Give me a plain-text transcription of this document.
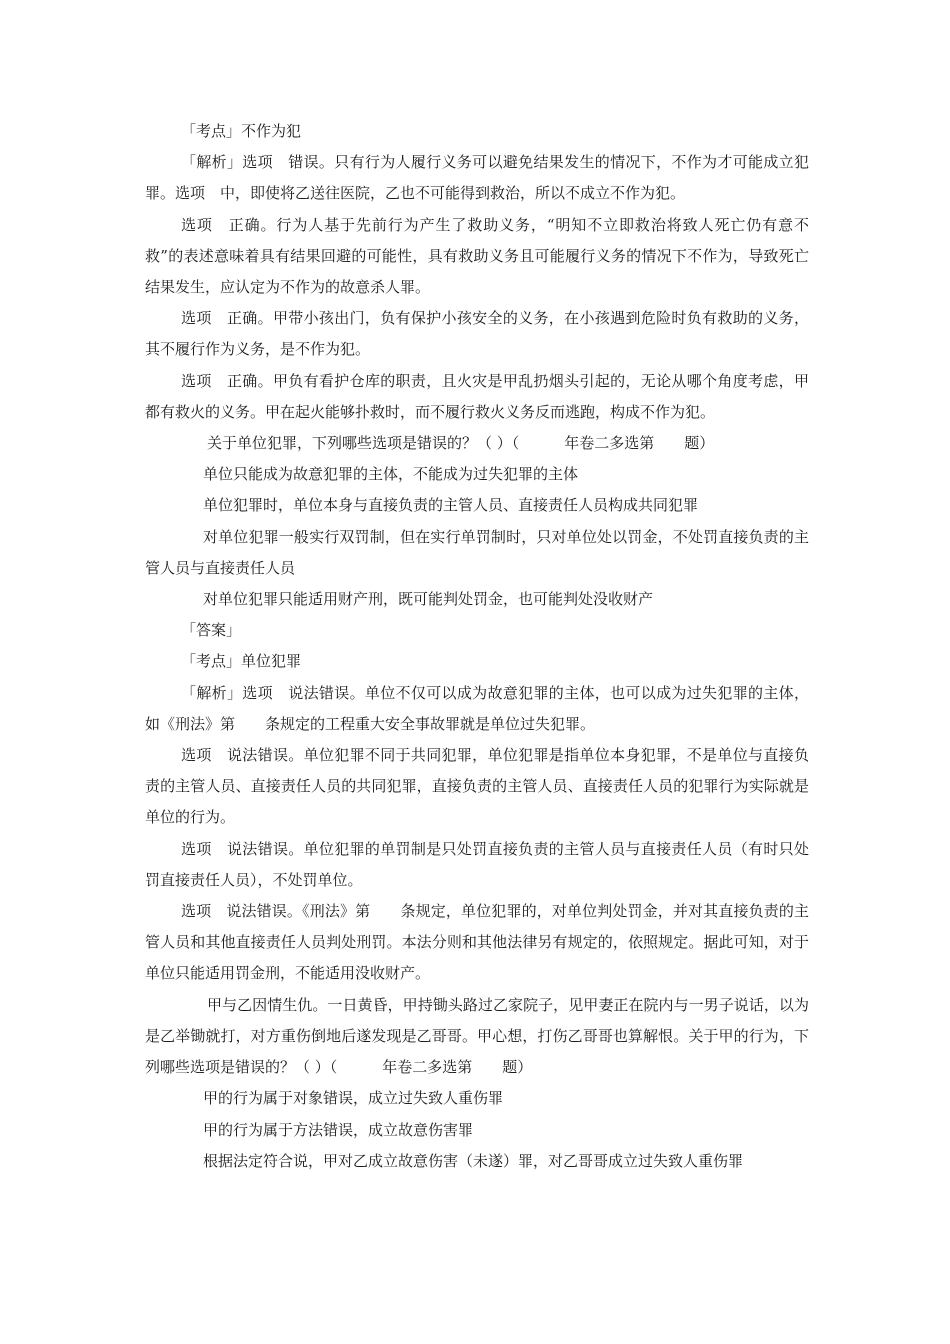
「考点」不作为犯

「解析」选项　错误。只有行为人履行义务可以避免结果发生的情况下，不作为才可能成立犯罪。选项　中，即使将乙送往医院，乙也不可能得到救治，所以不成立不作为犯。

选项　正确。行为人基于先前行为产生了救助义务，“明知不立即救治将致人死亡仍有意不救”的表述意味着具有结果回避的可能性，具有救助义务且可能履行义务的情况下不作为，导致死亡结果发生，应认定为不作为的故意杀人罪。

选项　正确。甲带小孩出门，负有保护小孩安全的义务，在小孩遇到危险时负有救助的义务，其不履行作为义务，是不作为犯。

选项　正确。甲负有看护仓库的职责，且火灾是甲乱扔烟头引起的，无论从哪个角度考虑，甲都有救火的义务。甲在起火能够扑救时，而不履行救火义务反而逃跑，构成不作为犯。

关于单位犯罪，下列哪些选项是错误的？（ ）（　　　年卷二多选第　　题）

单位只能成为故意犯罪的主体，不能成为过失犯罪的主体

单位犯罪时，单位本身与直接负责的主管人员、直接责任人员构成共同犯罪

对单位犯罪一般实行双罚制，但在实行单罚制时，只对单位处以罚金，不处罚直接负责的主管人员与直接责任人员

对单位犯罪只能适用财产刑，既可能判处罚金，也可能判处没收财产

「答案」

「考点」单位犯罪

「解析」选项　说法错误。单位不仅可以成为故意犯罪的主体，也可以成为过失犯罪的主体，如《刑法》第　　条规定的工程重大安全事故罪就是单位过失犯罪。

选项　说法错误。单位犯罪不同于共同犯罪，单位犯罪是指单位本身犯罪，不是单位与直接负责的主管人员、直接责任人员的共同犯罪，直接负责的主管人员、直接责任人员的犯罪行为实际就是单位的行为。

选项　说法错误。单位犯罪的单罚制是只处罚直接负责的主管人员与直接责任人员（有时只处罚直接责任人员），不处罚单位。

选项　说法错误。《刑法》第　　条规定，单位犯罪的，对单位判处罚金，并对其直接负责的主管人员和其他直接责任人员判处刑罚。本法分则和其他法律另有规定的，依照规定。据此可知，对于单位只能适用罚金刑，不能适用没收财产。

甲与乙因情生仇。一日黄昏，甲持锄头路过乙家院子，见甲妻正在院内与一男子说话，以为是乙举锄就打，对方重伤倒地后遂发现是乙哥哥。甲心想，打伤乙哥哥也算解恨。关于甲的行为，下列哪些选项是错误的？（ ）（　　　年卷二多选第　　题）

甲的行为属于对象错误，成立过失致人重伤罪

甲的行为属于方法错误，成立故意伤害罪

根据法定符合说，甲对乙成立故意伤害（未遂）罪，对乙哥哥成立过失致人重伤罪
